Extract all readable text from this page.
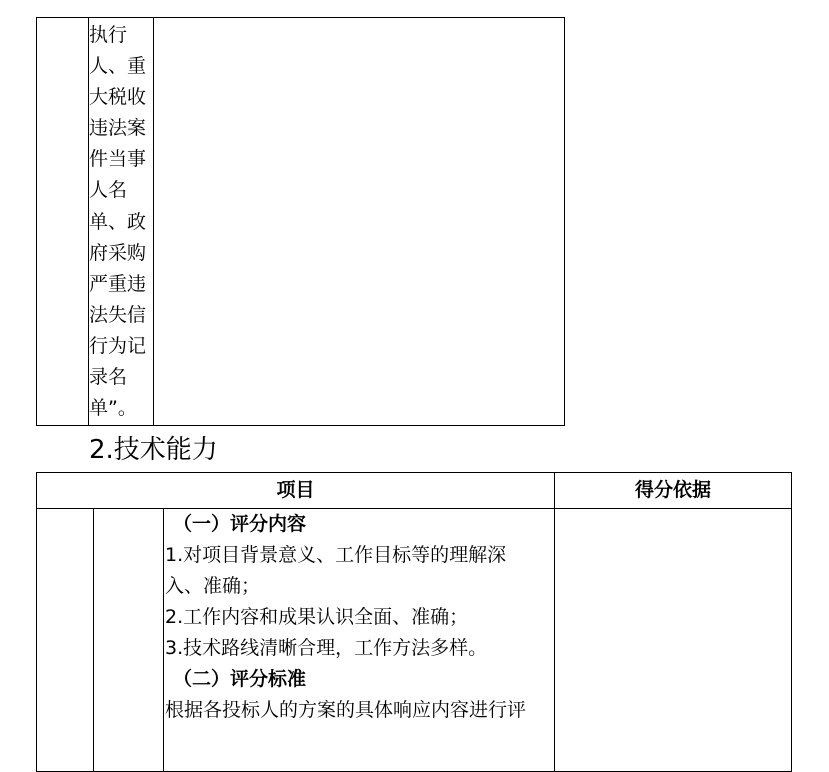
执行
人、重
大税收
违法案
件当事
人名
单、政
府采购
严重违
法失信
行为记
录名
单”。
2.技术能力
项目	得分依据
（一）评分内容
1.对项目背景意义、工作目标等的理解深
入、准确；
2.工作内容和成果认识全面、准确；
3.技术路线清晰合理，工作方法多样。
（二）评分标准
根据各投标人的方案的具体响应内容进行评
